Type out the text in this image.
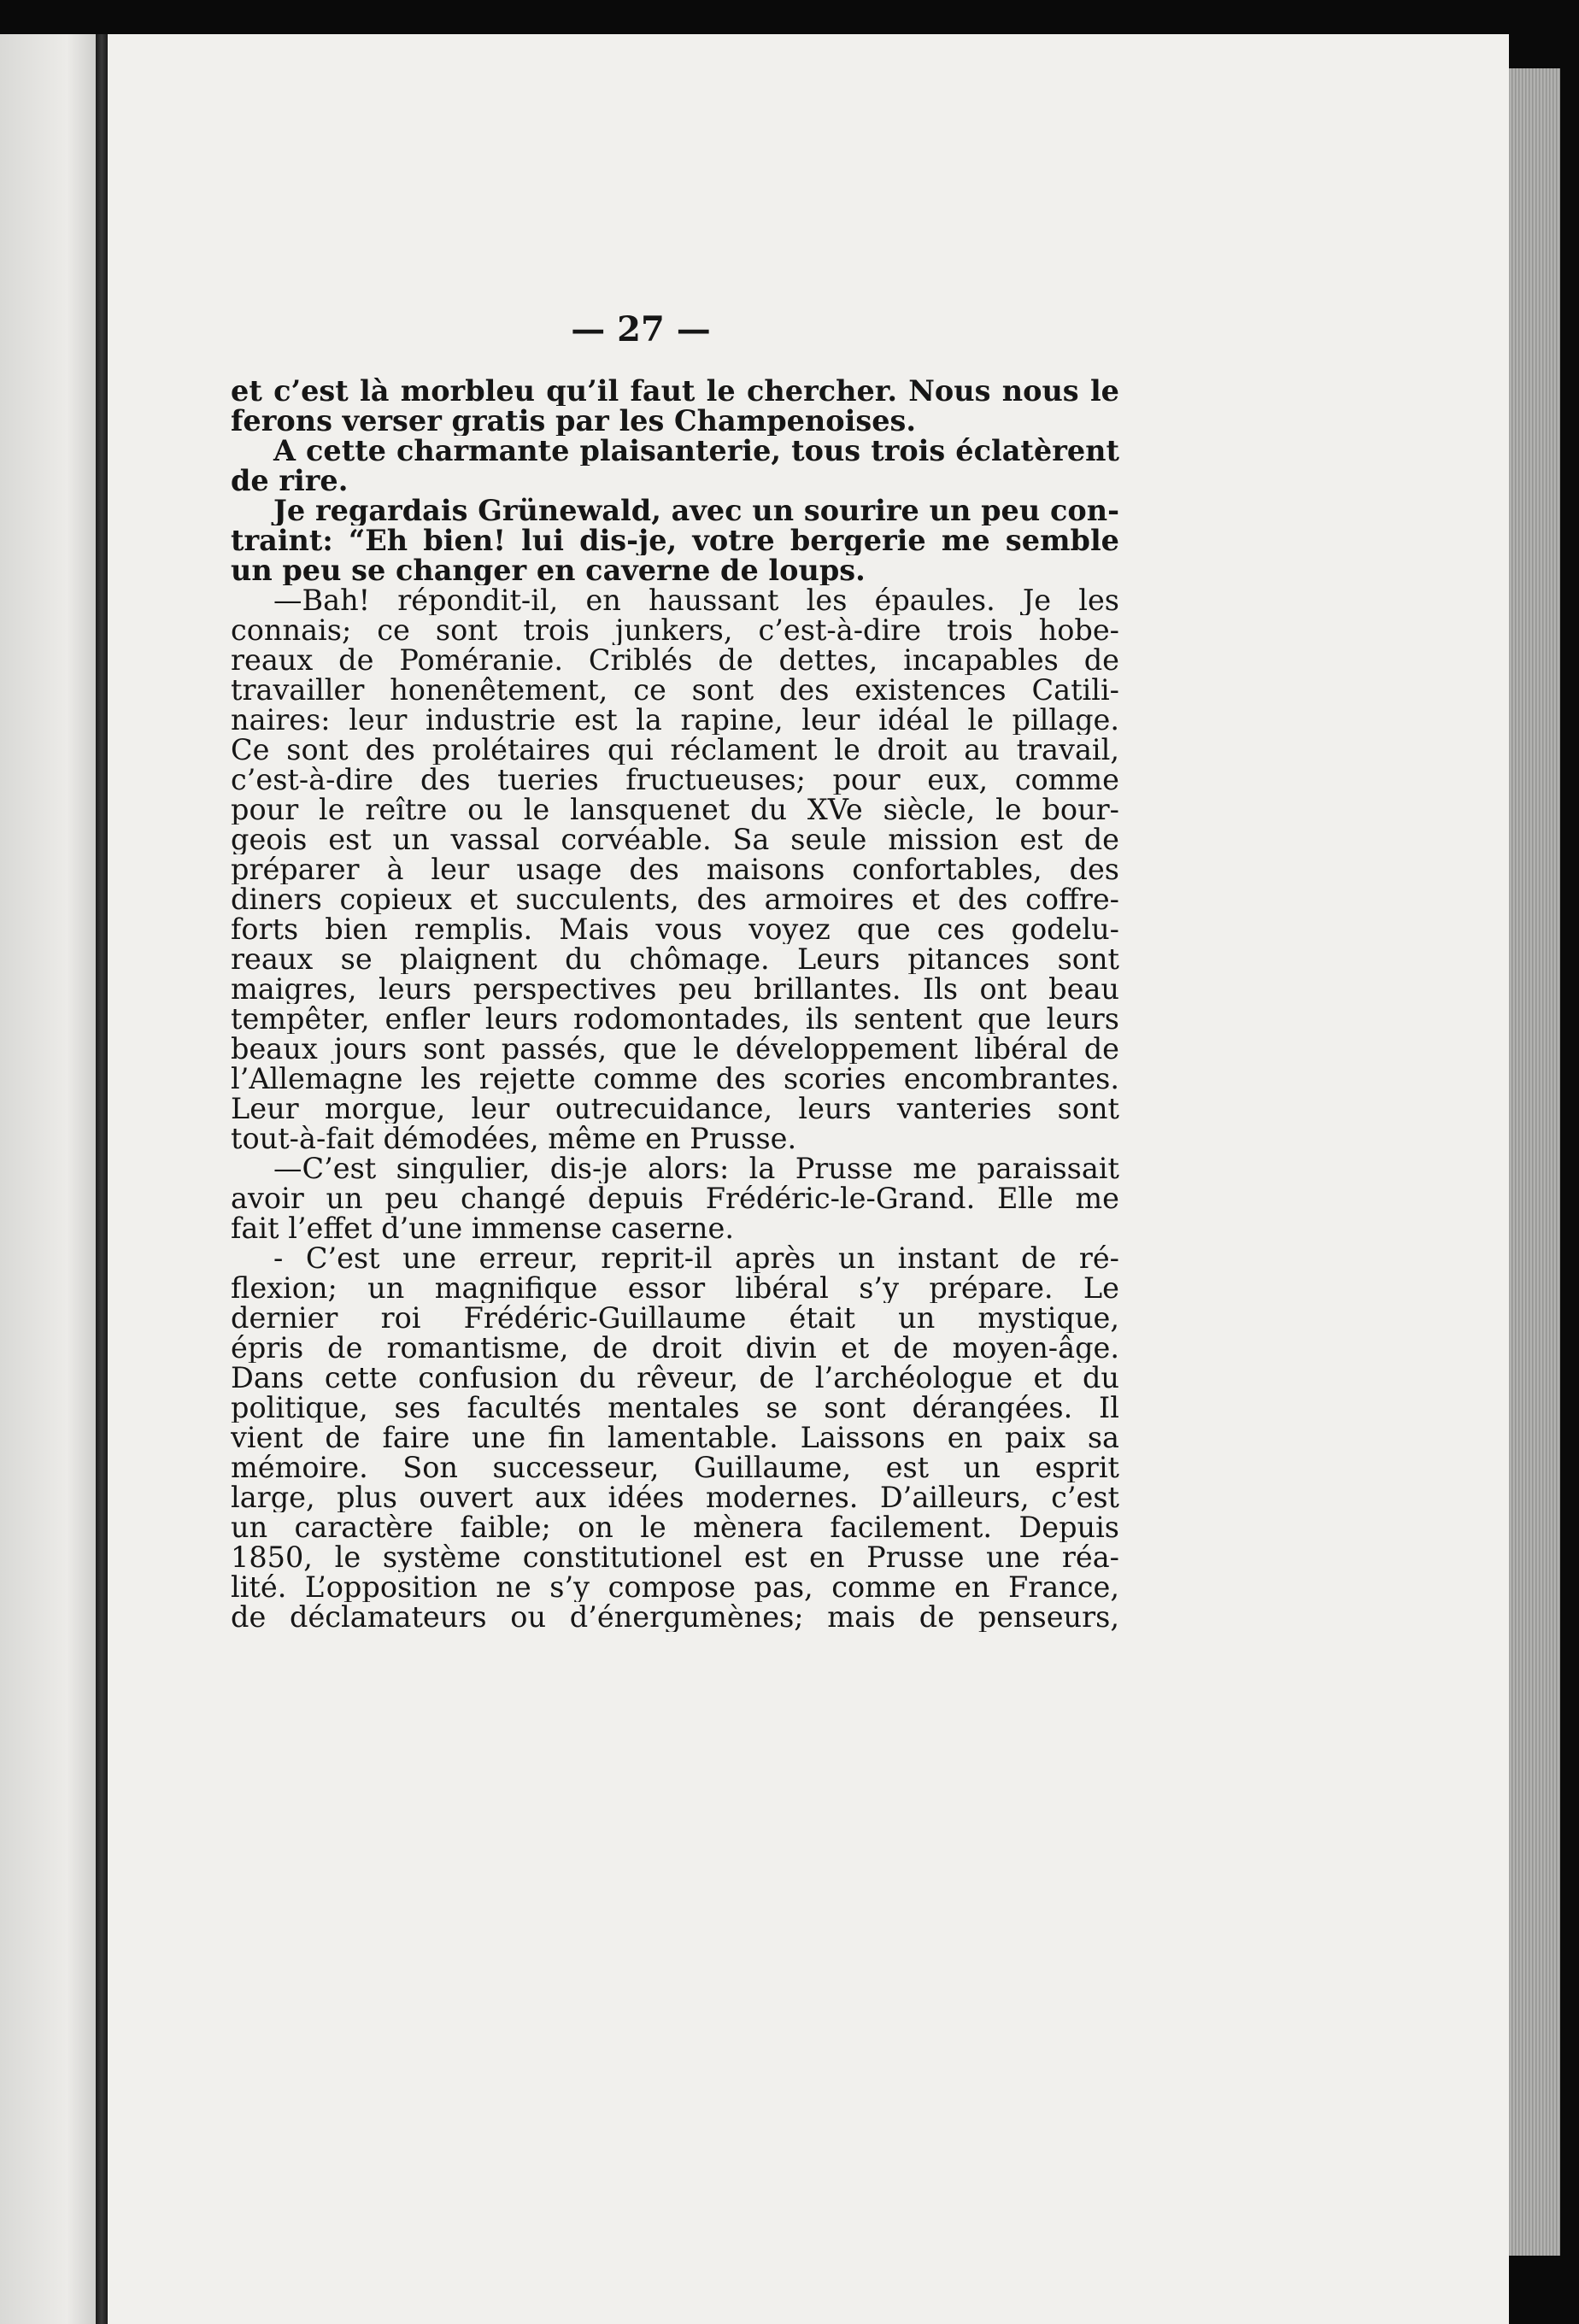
— 27 —
et c’est là morbleu qu’il faut le chercher. Nous nous le
ferons verser gratis par les Champenoises.
A cette charmante plaisanterie, tous trois éclatèrent
de rire.
Je regardais Grünewald, avec un sourire un peu con-
traint: “Eh bien! lui dis-je, votre bergerie me semble
un peu se changer en caverne de loups.
—Bah! répondit-il, en haussant les épaules. Je les
connais; ce sont trois junkers, c’est-à-dire trois hobe-
reaux de Poméranie. Criblés de dettes, incapables de
travailler honenêtement, ce sont des existences Catili-
naires: leur industrie est la rapine, leur idéal le pillage.
Ce sont des prolétaires qui réclament le droit au travail,
c’est-à-dire des tueries fructueuses; pour eux, comme
pour le reître ou le lansquenet du XVe siècle, le bour-
geois est un vassal corvéable. Sa seule mission est de
préparer à leur usage des maisons confortables, des
diners copieux et succulents, des armoires et des coffre-
forts bien remplis. Mais vous voyez que ces godelu-
reaux se plaignent du chômage. Leurs pitances sont
maigres, leurs perspectives peu brillantes. Ils ont beau
tempêter, enfler leurs rodomontades, ils sentent que leurs
beaux jours sont passés, que le développement libéral de
l’Allemagne les rejette comme des scories encombrantes.
Leur morgue, leur outrecuidance, leurs vanteries sont
tout-à-fait démodées, même en Prusse.
—C’est singulier, dis-je alors: la Prusse me paraissait
avoir un peu changé depuis Frédéric-le-Grand. Elle me
fait l’effet d’une immense caserne.
- C’est une erreur, reprit-il après un instant de ré-
flexion; un magnifique essor libéral s’y prépare. Le
dernier roi Frédéric-Guillaume était un mystique,
épris de romantisme, de droit divin et de moyen-âge.
Dans cette confusion du rêveur, de l’archéologue et du
politique, ses facultés mentales se sont dérangées. Il
vient de faire une fin lamentable. Laissons en paix sa
mémoire. Son successeur, Guillaume, est un esprit
large, plus ouvert aux idées modernes. D’ailleurs, c’est
un caractère faible; on le mènera facilement. Depuis
1850, le système constitutionel est en Prusse une réa-
lité. L’opposition ne s’y compose pas, comme en France,
de déclamateurs ou d’énergumènes; mais de penseurs,
